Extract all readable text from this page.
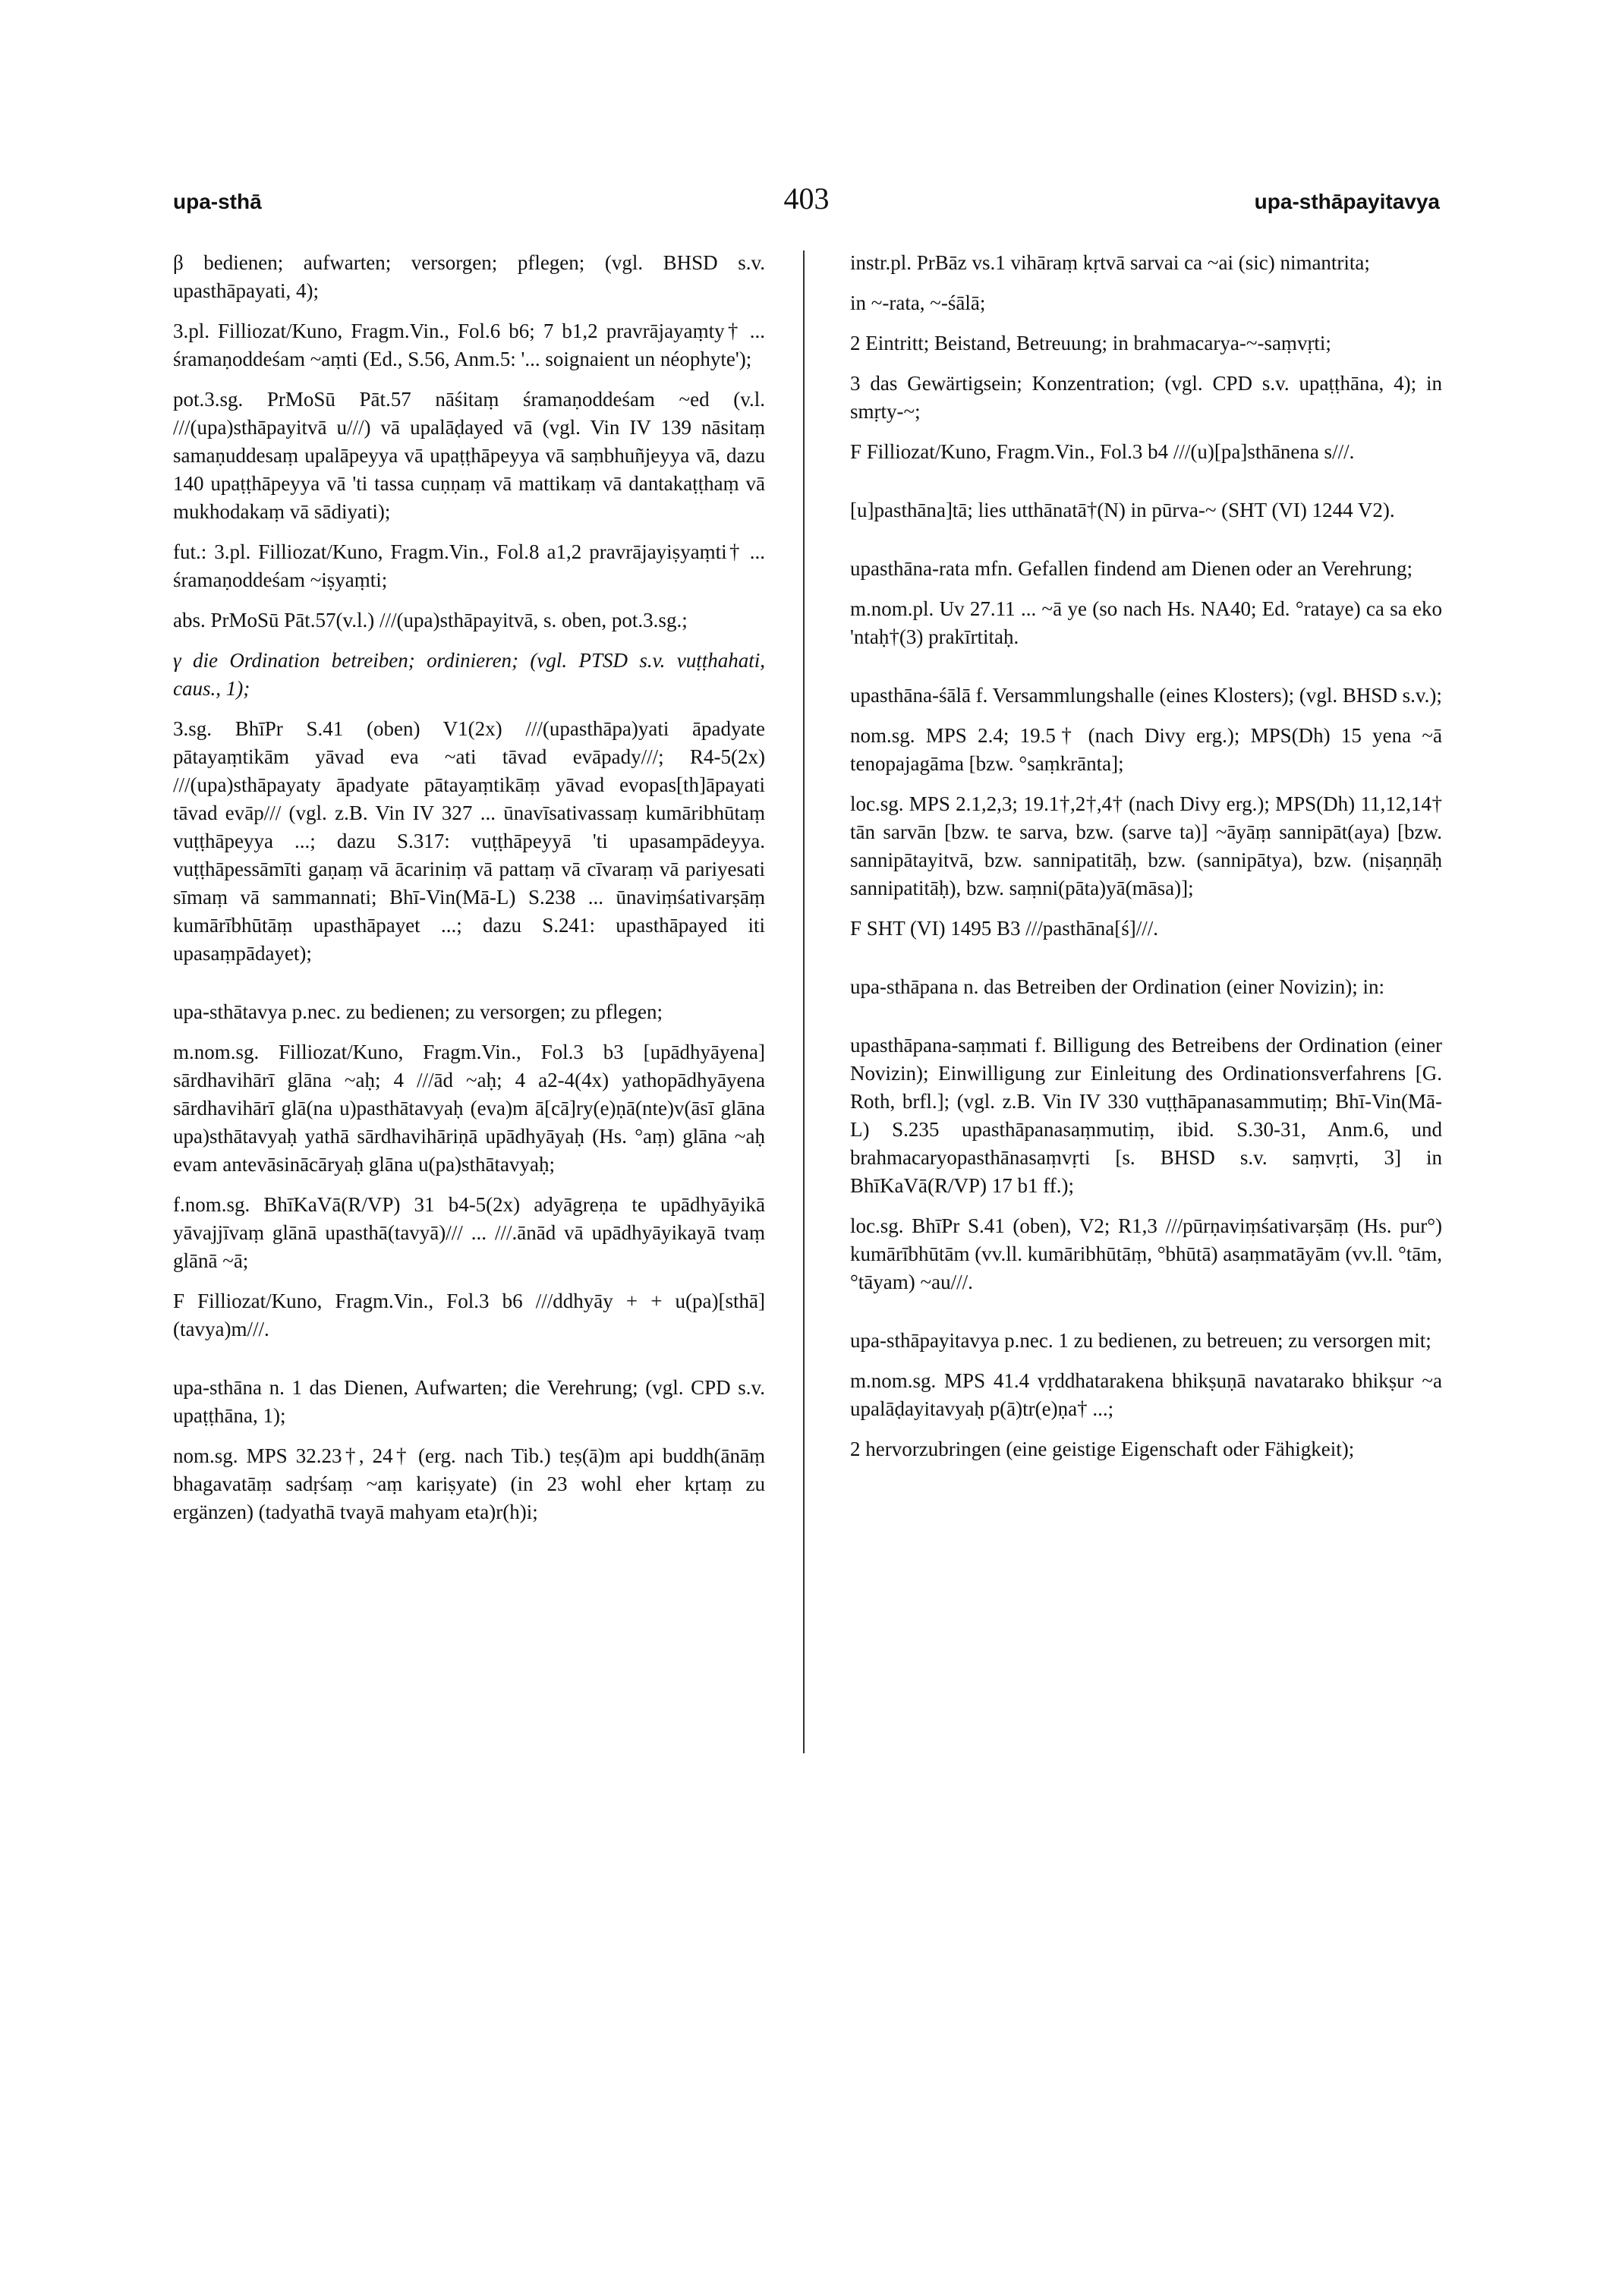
upa-sthā	403	upa-sthāpayitavya

β bedienen; aufwarten; versorgen; pflegen; (vgl. BHSD s.v. upasthāpayati, 4);

3.pl. Filliozat/Kuno, Fragm.Vin., Fol.6 b6; 7 b1,2 pravrājayaṃty† ... śramaṇoddeśam ~aṃti (Ed., S.56, Anm.5: '... soignaient un néophyte');

pot.3.sg. PrMoSū Pāt.57 nāśitaṃ śramaṇoddeśam ~ed (v.l. ///(upa)sthāpayitvā u///) vā upalāḍayed vā (vgl. Vin IV 139 nāsitaṃ samaṇuddesaṃ upalāpeyya vā upaṭṭhāpeyya vā saṃbhuñjeyya vā, dazu 140 upaṭṭhāpeyya vā 'ti tassa cuṇṇaṃ vā mattikaṃ vā dantakaṭṭhaṃ vā mukhodakaṃ vā sādiyati);

fut.: 3.pl. Filliozat/Kuno, Fragm.Vin., Fol.8 a1,2 pravrājayiṣyaṃti† ... śramaṇoddeśam ~iṣyaṃti;

abs. PrMoSū Pāt.57(v.l.) ///(upa)sthāpayitvā, s. oben, pot.3.sg.;

γ die Ordination betreiben; ordinieren; (vgl. PTSD s.v. vuṭṭhahati, caus., 1);

3.sg. BhīPr S.41 (oben) V1(2x) ///(upasthāpa)yati āpadyate pātayaṃtikām yāvad eva ~ati tāvad evāpady///; R4-5(2x) ///(upa)sthāpayaty āpadyate pātayaṃtikāṃ yāvad evopas[th]āpayati tāvad evāp/// (vgl. z.B. Vin IV 327 ... ūnavīsativassaṃ kumāribhūtaṃ vuṭṭhāpeyya ...; dazu S.317: vuṭṭhāpeyyā 'ti upasampādeyya. vuṭṭhāpessāmīti gaṇaṃ vā ācariniṃ vā pattaṃ vā cīvaraṃ vā pariyesati sīmaṃ vā sammannati; Bhī-Vin(Mā-L) S.238 ... ūnaviṃśativarṣāṃ kumārībhūtāṃ upasthāpayet ...; dazu S.241: upasthāpayed iti upasaṃpādayet);

upa-sthātavya p.nec. zu bedienen; zu versorgen; zu pflegen;

m.nom.sg. Filliozat/Kuno, Fragm.Vin., Fol.3 b3 [upādhyāyena] sārdhavihārī glāna ~aḥ; 4 ///ād ~aḥ; 4 a2-4(4x) yathopādhyāyena sārdhavihārī glā(na u)pasthātavyaḥ (eva)m ā[cā]ry(e)ṇā(nte)v(āsī glāna upa)sthātavyaḥ yathā sārdhavihāriṇā upādhyāyaḥ (Hs. °aṃ) glāna ~aḥ evam antevāsinācāryaḥ glāna u(pa)sthātavyaḥ;

f.nom.sg. BhīKaVā(R/VP) 31 b4-5(2x) adyāgreṇa te upādhyāyikā yāvajjīvaṃ glānā upasthā(tavyā)/// ... ///.ānād vā upādhyāyikayā tvaṃ glānā ~ā;

F Filliozat/Kuno, Fragm.Vin., Fol.3 b6 ///ddhyāy + + u(pa)[sthā](tavya)m///.

upa-sthāna n. 1 das Dienen, Aufwarten; die Verehrung; (vgl. CPD s.v. upaṭṭhāna, 1);

nom.sg. MPS 32.23†, 24† (erg. nach Tib.) teṣ(ā)m api buddh(ānāṃ bhagavatāṃ sadṛśaṃ ~aṃ kariṣyate) (in 23 wohl eher kṛtaṃ zu ergänzen) (tadyathā tvayā mahyam eta)r(h)i;

instr.pl. PrBāz vs.1 vihāraṃ kṛtvā sarvai ca ~ai (sic) nimantrita;

in ~-rata, ~-śālā;

2 Eintritt; Beistand, Betreuung; in brahmacarya-~-saṃvṛti;

3 das Gewärtigsein; Konzentration; (vgl. CPD s.v. upaṭṭhāna, 4); in smṛty-~;

F Filliozat/Kuno, Fragm.Vin., Fol.3 b4 ///(u)[pa]sthānena s///.

[u]pasthāna]tā; lies utthānatā†(N) in pūrva-~ (SHT (VI) 1244 V2).

upasthāna-rata mfn. Gefallen findend am Dienen oder an Verehrung;

m.nom.pl. Uv 27.11 ... ~ā ye (so nach Hs. NA40; Ed. °rataye) ca sa eko 'ntaḥ†(3) prakīrtitaḥ.

upasthāna-śālā f. Versammlungshalle (eines Klosters); (vgl. BHSD s.v.);

nom.sg. MPS 2.4; 19.5† (nach Divy erg.); MPS(Dh) 15 yena ~ā tenopajagāma [bzw. °saṃkrānta];

loc.sg. MPS 2.1,2,3; 19.1†,2†,4† (nach Divy erg.); MPS(Dh) 11,12,14† tān sarvān [bzw. te sarva, bzw. (sarve ta)] ~āyāṃ sannipāt(aya) [bzw. sannipātayitvā, bzw. sannipatitāḥ, bzw. (sannipātya), bzw. (niṣaṇṇāḥ sannipatitāḥ), bzw. saṃni(pāta)yā(māsa)];

F SHT (VI) 1495 B3 ///pasthāna[ś]///.

upa-sthāpana n. das Betreiben der Ordination (einer Novizin); in:

upasthāpana-saṃmati f. Billigung des Betreibens der Ordination (einer Novizin); Einwilligung zur Einleitung des Ordinationsverfahrens [G. Roth, brfl.]; (vgl. z.B. Vin IV 330 vuṭṭhāpanasammutiṃ; Bhī-Vin(Mā-L) S.235 upasthāpanasaṃmutiṃ, ibid. S.30-31, Anm.6, und brahmacaryopasthānasaṃvṛti [s. BHSD s.v. saṃvṛti, 3] in BhīKaVā(R/VP) 17 b1 ff.);

loc.sg. BhīPr S.41 (oben), V2; R1,3 ///pūrṇaviṃśativarṣāṃ (Hs. pur°) kumārībhūtām (vv.ll. kumāribhūtāṃ, °bhūtā) asaṃmatāyām (vv.ll. °tām, °tāyam) ~au///.

upa-sthāpayitavya p.nec. 1 zu bedienen, zu betreuen; zu versorgen mit;

m.nom.sg. MPS 41.4 vṛddhatarakena bhikṣuṇā navatarako bhikṣur ~a upalāḍayitavyaḥ p(ā)tr(e)ṇa† ...;

2 hervorzubringen (eine geistige Eigenschaft oder Fähigkeit);
